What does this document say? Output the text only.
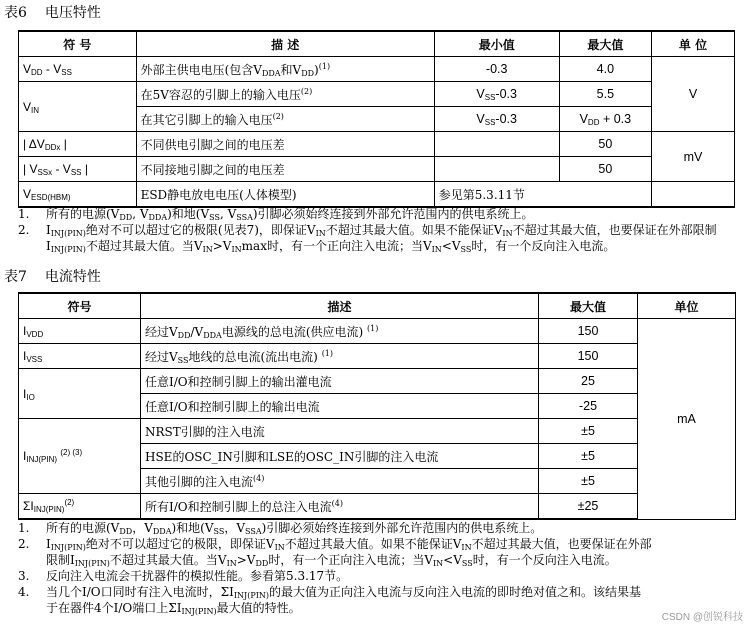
表6 电压特性
符 号	描 述	最小值	最大值	单 位
$V_{DD} - V_{SS}$	外部主供电电压(包含$V_{DDA}$和$V_{DD})^{(1)}$	-0.3	4.0	V
$V_{IN}$	在5V容忍的引脚上的输入电压$^{(2)}$	$V_{SS}-0.3$	5.5	
	在其它引脚上的输入电压$^{(2)}$	$V_{SS}-0.3$	$V_{DD} + 0.3$	
| $\Delta V_{DDx}$ |	不同供电引脚之间的电压差		50	mV
| $V_{SSx} - V_{SS}$ |	不同接地引脚之间的电压差		50	
$V_{ESD(HBM)}$	ESD静电放电电压(人体模型)	参见第5.3.11节		
1. 所有的电源($V_{DD}$, $V_{DDA}$)和地($V_{SS}$, $V_{SSA}$)引脚必须始终连接到外部允许范围内的供电系统上。
2. $I_{INJ(PIN)}$绝对不可以超过它的极限(见表7)，即保证$V_{IN}$不超过其最大值。如果不能保证$V_{IN}$不超过其最大值，也要保证在外部限制$I_{INJ(PIN)}$不超过其最大值。当$V_{IN}>V_{IN}\max$时，有一个正向注入电流；当$V_{IN}<V_{SS}$时，有一个反向注入电流。
表7 电流特性
符号	描述	最大值	单位
$I_{VDD}$	经过$V_{DD}/V_{DDA}$电源线的总电流(供应电流) $^{(1)}$	150	mA
$I_{VSS}$	经过$V_{SS}$地线的总电流(流出电流) $^{(1)}$	150	
$I_{IO}$	任意I/O和控制引脚上的输出灌电流	25	
	任意I/O和控制引脚上的输出电流	-25	
$I_{INJ(PIN)}$ $^{(2) (3)}$	NRST引脚的注入电流	±5	
	HSE的OSC_IN引脚和LSE的OSC_IN引脚的注入电流	±5	
	其他引脚的注入电流$^{(4)}$	±5	
$\Sigma I_{INJ(PIN)}^{(2)}$	所有I/O和控制引脚上的总注入电流$^{(4)}$	±25	
1. 所有的电源($V_{DD}$，$V_{DDA}$)和地($V_{SS}$，$V_{SSA}$)引脚必须始终连接到外部允许范围内的供电系统上。
2. $I_{INJ(PIN)}$绝对不可以超过它的极限，即保证$V_{IN}$不超过其最大值。如果不能保证$V_{IN}$不超过其最大值，也要保证在外部
限制$I_{INJ(PIN)}$不超过其最大值。当$V_{IN}>V_{DD}$时，有一个正向注入电流；当$V_{IN}<V_{SS}$时，有一个反向注入电流。
3. 反向注入电流会干扰器件的模拟性能。参看第5.3.17节。
4. 当几个I/O口同时有注入电流时，$\Sigma I_{INJ(PIN)}$的最大值为正向注入电流与反向注入电流的即时绝对值之和。该结果基
于在器件4个I/O端口上$\Sigma I_{INJ(PIN)}$最大值的特性。
CSDN @创锐科技
